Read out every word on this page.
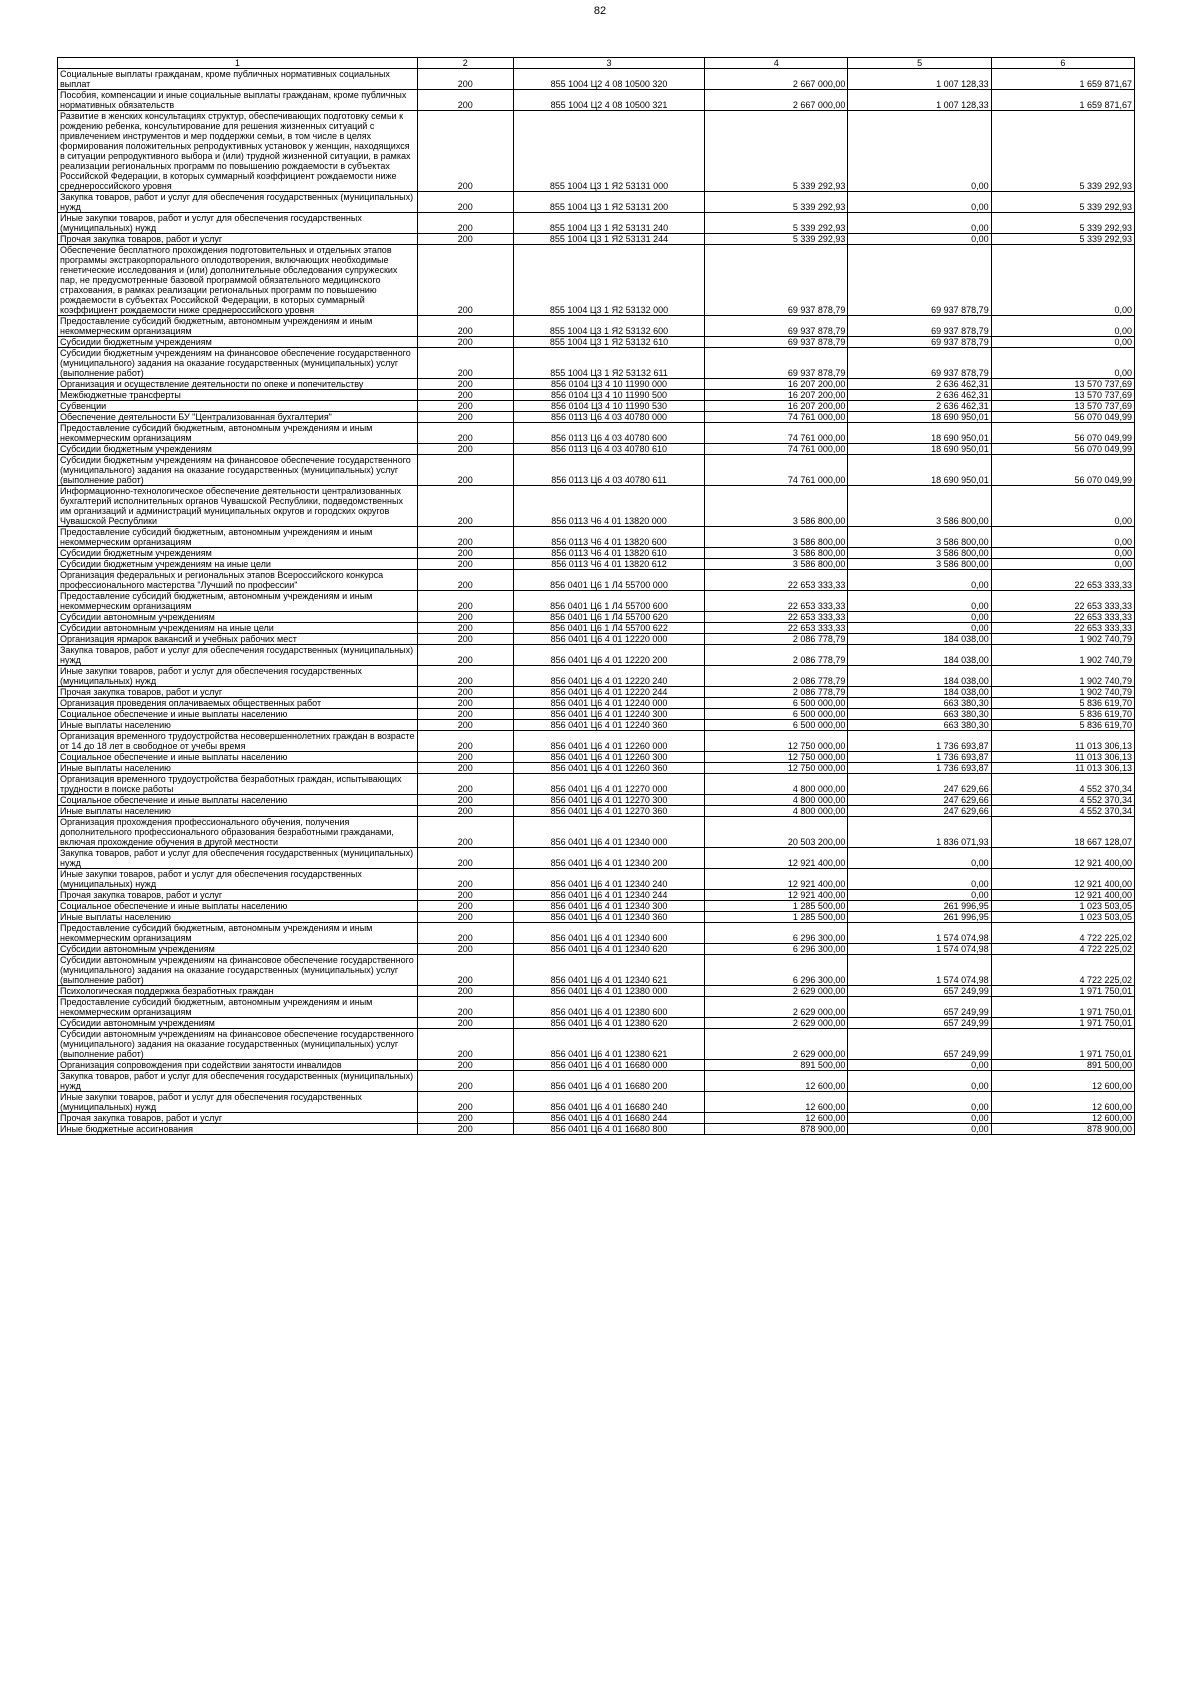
82
1	2	3	4	5	6
Социальные выплаты гражданам, кроме публичных нормативных социальных выплат	200	855 1004 Ц2 4 08 10500 320	2 667 000,00	1 007 128,33	1 659 871,67
Пособия, компенсации и иные социальные выплаты гражданам, кроме публичных нормативных обязательств	200	855 1004 Ц2 4 08 10500 321	2 667 000,00	1 007 128,33	1 659 871,67
Развитие в женских консультациях структур, обеспечивающих подготовку семьи к рождению ребенка, консультирование для решения жизненных ситуаций с привлечением инструментов и мер поддержки семьи, в том числе в целях формирования положительных репродуктивных установок у женщин, находящихся в ситуации репродуктивного выбора и (или) трудной жизненной ситуации, в рамках реализации региональных программ по повышению рождаемости в субъектах Российской Федерации, в которых суммарный коэффициент рождаемости ниже среднероссийского уровня	200	855 1004 Ц3 1 Я2 53131 000	5 339 292,93	0,00	5 339 292,93
Закупка товаров, работ и услуг для обеспечения государственных (муниципальных) нужд	200	855 1004 Ц3 1 Я2 53131 200	5 339 292,93	0,00	5 339 292,93
Иные закупки товаров, работ и услуг для обеспечения государственных (муниципальных) нужд	200	855 1004 Ц3 1 Я2 53131 240	5 339 292,93	0,00	5 339 292,93
Прочая закупка товаров, работ и услуг	200	855 1004 Ц3 1 Я2 53131 244	5 339 292,93	0,00	5 339 292,93
Обеспечение бесплатного прохождения подготовительных и отдельных этапов программы экстракорпорального оплодотворения, включающих необходимые генетические исследования и (или) дополнительные обследования супружеских пар, не предусмотренные базовой программой обязательного медицинского страхования, в рамках реализации региональных программ по повышению рождаемости в субъектах Российской Федерации, в которых суммарный коэффициент рождаемости ниже среднероссийского уровня	200	855 1004 Ц3 1 Я2 53132 000	69 937 878,79	69 937 878,79	0,00
Предоставление субсидий бюджетным, автономным учреждениям и иным некоммерческим организациям	200	855 1004 Ц3 1 Я2 53132 600	69 937 878,79	69 937 878,79	0,00
Субсидии бюджетным учреждениям	200	855 1004 Ц3 1 Я2 53132 610	69 937 878,79	69 937 878,79	0,00
Субсидии бюджетным учреждениям на финансовое обеспечение государственного (муниципального) задания на оказание государственных (муниципальных) услуг (выполнение работ)	200	855 1004 Ц3 1 Я2 53132 611	69 937 878,79	69 937 878,79	0,00
Организация и осуществление деятельности по опеке и попечительству	200	856 0104 Ц3 4 10 11990 000	16 207 200,00	2 636 462,31	13 570 737,69
Межбюджетные трансферты	200	856 0104 Ц3 4 10 11990 500	16 207 200,00	2 636 462,31	13 570 737,69
Субвенции	200	856 0104 Ц3 4 10 11990 530	16 207 200,00	2 636 462,31	13 570 737,69
Обеспечение деятельности БУ "Централизованная бухгалтерия"	200	856 0113 Ц6 4 03 40780 000	74 761 000,00	18 690 950,01	56 070 049,99
Предоставление субсидий бюджетным, автономным учреждениям и иным некоммерческим организациям	200	856 0113 Ц6 4 03 40780 600	74 761 000,00	18 690 950,01	56 070 049,99
Субсидии бюджетным учреждениям	200	856 0113 Ц6 4 03 40780 610	74 761 000,00	18 690 950,01	56 070 049,99
Субсидии бюджетным учреждениям на финансовое обеспечение государственного (муниципального) задания на оказание государственных (муниципальных) услуг (выполнение работ)	200	856 0113 Ц6 4 03 40780 611	74 761 000,00	18 690 950,01	56 070 049,99
Информационно-технологическое обеспечение деятельности централизованных бухгалтерий исполнительных органов Чувашской Республики, подведомственных им организаций и администраций муниципальных округов и городских округов Чувашской Республики	200	856 0113 Ч6 4 01 13820 000	3 586 800,00	3 586 800,00	0,00
Предоставление субсидий бюджетным, автономным учреждениям и иным некоммерческим организациям	200	856 0113 Ч6 4 01 13820 600	3 586 800,00	3 586 800,00	0,00
Субсидии бюджетным учреждениям	200	856 0113 Ч6 4 01 13820 610	3 586 800,00	3 586 800,00	0,00
Субсидии бюджетным учреждениям на иные цели	200	856 0113 Ч6 4 01 13820 612	3 586 800,00	3 586 800,00	0,00
Организация федеральных и региональных этапов Всероссийского конкурса профессионального мастерства "Лучший по профессии"	200	856 0401 Ц6 1 Л4 55700 000	22 653 333,33	0,00	22 653 333,33
Предоставление субсидий бюджетным, автономным учреждениям и иным некоммерческим организациям	200	856 0401 Ц6 1 Л4 55700 600	22 653 333,33	0,00	22 653 333,33
Субсидии автономным учреждениям	200	856 0401 Ц6 1 Л4 55700 620	22 653 333,33	0,00	22 653 333,33
Субсидии автономным учреждениям на иные цели	200	856 0401 Ц6 1 Л4 55700 622	22 653 333,33	0,00	22 653 333,33
Организация ярмарок вакансий и учебных рабочих мест	200	856 0401 Ц6 4 01 12220 000	2 086 778,79	184 038,00	1 902 740,79
Закупка товаров, работ и услуг для обеспечения государственных (муниципальных) нужд	200	856 0401 Ц6 4 01 12220 200	2 086 778,79	184 038,00	1 902 740,79
Иные закупки товаров, работ и услуг для обеспечения государственных (муниципальных) нужд	200	856 0401 Ц6 4 01 12220 240	2 086 778,79	184 038,00	1 902 740,79
Прочая закупка товаров, работ и услуг	200	856 0401 Ц6 4 01 12220 244	2 086 778,79	184 038,00	1 902 740,79
Организация проведения оплачиваемых общественных работ	200	856 0401 Ц6 4 01 12240 000	6 500 000,00	663 380,30	5 836 619,70
Социальное обеспечение и иные выплаты населению	200	856 0401 Ц6 4 01 12240 300	6 500 000,00	663 380,30	5 836 619,70
Иные выплаты населению	200	856 0401 Ц6 4 01 12240 360	6 500 000,00	663 380,30	5 836 619,70
Организация временного трудоустройства несовершеннолетних граждан в возрасте от 14 до 18 лет в свободное от учебы время	200	856 0401 Ц6 4 01 12260 000	12 750 000,00	1 736 693,87	11 013 306,13
Социальное обеспечение и иные выплаты населению	200	856 0401 Ц6 4 01 12260 300	12 750 000,00	1 736 693,87	11 013 306,13
Иные выплаты населению	200	856 0401 Ц6 4 01 12260 360	12 750 000,00	1 736 693,87	11 013 306,13
Организация временного трудоустройства безработных граждан, испытывающих трудности в поиске работы	200	856 0401 Ц6 4 01 12270 000	4 800 000,00	247 629,66	4 552 370,34
Социальное обеспечение и иные выплаты населению	200	856 0401 Ц6 4 01 12270 300	4 800 000,00	247 629,66	4 552 370,34
Иные выплаты населению	200	856 0401 Ц6 4 01 12270 360	4 800 000,00	247 629,66	4 552 370,34
Организация прохождения профессионального обучения, получения дополнительного профессионального образования безработными гражданами, включая прохождение обучения в другой местности	200	856 0401 Ц6 4 01 12340 000	20 503 200,00	1 836 071,93	18 667 128,07
Закупка товаров, работ и услуг для обеспечения государственных (муниципальных) нужд	200	856 0401 Ц6 4 01 12340 200	12 921 400,00	0,00	12 921 400,00
Иные закупки товаров, работ и услуг для обеспечения государственных (муниципальных) нужд	200	856 0401 Ц6 4 01 12340 240	12 921 400,00	0,00	12 921 400,00
Прочая закупка товаров, работ и услуг	200	856 0401 Ц6 4 01 12340 244	12 921 400,00	0,00	12 921 400,00
Социальное обеспечение и иные выплаты населению	200	856 0401 Ц6 4 01 12340 300	1 285 500,00	261 996,95	1 023 503,05
Иные выплаты населению	200	856 0401 Ц6 4 01 12340 360	1 285 500,00	261 996,95	1 023 503,05
Предоставление субсидий бюджетным, автономным учреждениям и иным некоммерческим организациям	200	856 0401 Ц6 4 01 12340 600	6 296 300,00	1 574 074,98	4 722 225,02
Субсидии автономным учреждениям	200	856 0401 Ц6 4 01 12340 620	6 296 300,00	1 574 074,98	4 722 225,02
Субсидии автономным учреждениям на финансовое обеспечение государственного (муниципального) задания на оказание государственных (муниципальных) услуг (выполнение работ)	200	856 0401 Ц6 4 01 12340 621	6 296 300,00	1 574 074,98	4 722 225,02
Психологическая поддержка безработных граждан	200	856 0401 Ц6 4 01 12380 000	2 629 000,00	657 249,99	1 971 750,01
Предоставление субсидий бюджетным, автономным учреждениям и иным некоммерческим организациям	200	856 0401 Ц6 4 01 12380 600	2 629 000,00	657 249,99	1 971 750,01
Субсидии автономным учреждениям	200	856 0401 Ц6 4 01 12380 620	2 629 000,00	657 249,99	1 971 750,01
Субсидии автономным учреждениям на финансовое обеспечение государственного (муниципального) задания на оказание государственных (муниципальных) услуг (выполнение работ)	200	856 0401 Ц6 4 01 12380 621	2 629 000,00	657 249,99	1 971 750,01
Организация сопровождения при содействии занятости инвалидов	200	856 0401 Ц6 4 01 16680 000	891 500,00	0,00	891 500,00
Закупка товаров, работ и услуг для обеспечения государственных (муниципальных) нужд	200	856 0401 Ц6 4 01 16680 200	12 600,00	0,00	12 600,00
Иные закупки товаров, работ и услуг для обеспечения государственных (муниципальных) нужд	200	856 0401 Ц6 4 01 16680 240	12 600,00	0,00	12 600,00
Прочая закупка товаров, работ и услуг	200	856 0401 Ц6 4 01 16680 244	12 600,00	0,00	12 600,00
Иные бюджетные ассигнования	200	856 0401 Ц6 4 01 16680 800	878 900,00	0,00	878 900,00
